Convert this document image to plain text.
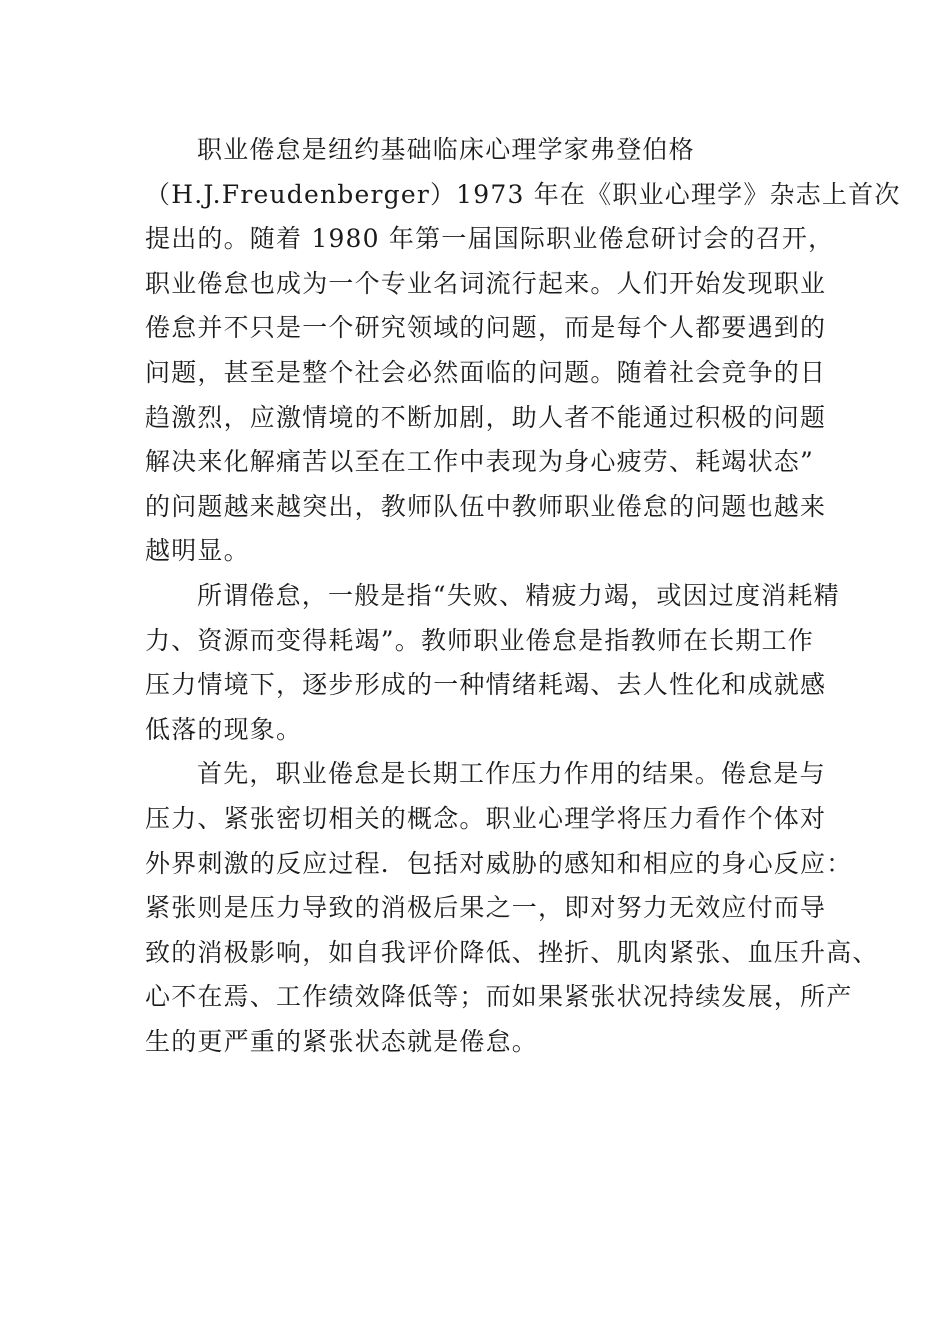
职业倦怠是纽约基础临床心理学家弗登伯格
（H.J.Freudenberger）1973 年在《职业心理学》杂志上首次
提出的。随着 1980 年第一届国际职业倦怠研讨会的召开，
职业倦怠也成为一个专业名词流行起来。人们开始发现职业
倦怠并不只是一个研究领域的问题，而是每个人都要遇到的
问题，甚至是整个社会必然面临的问题。随着社会竞争的日
趋激烈，应激情境的不断加剧，助人者不能通过积极的问题
解决来化解痛苦以至在工作中表现为身心疲劳、耗竭状态”
的问题越来越突出，教师队伍中教师职业倦怠的问题也越来
越明显。
所谓倦怠，一般是指“失败、精疲力竭，或因过度消耗精
力、资源而变得耗竭”。教师职业倦怠是指教师在长期工作
压力情境下，逐步形成的一种情绪耗竭、去人性化和成就感
低落的现象。
首先，职业倦怠是长期工作压力作用的结果。倦怠是与
压力、紧张密切相关的概念。职业心理学将压力看作个体对
外界刺激的反应过程．包括对威胁的感知和相应的身心反应：
紧张则是压力导致的消极后果之一，即对努力无效应付而导
致的消极影响，如自我评价降低、挫折、肌肉紧张、血压升高、
心不在焉、工作绩效降低等；而如果紧张状况持续发展，所产
生的更严重的紧张状态就是倦怠。
